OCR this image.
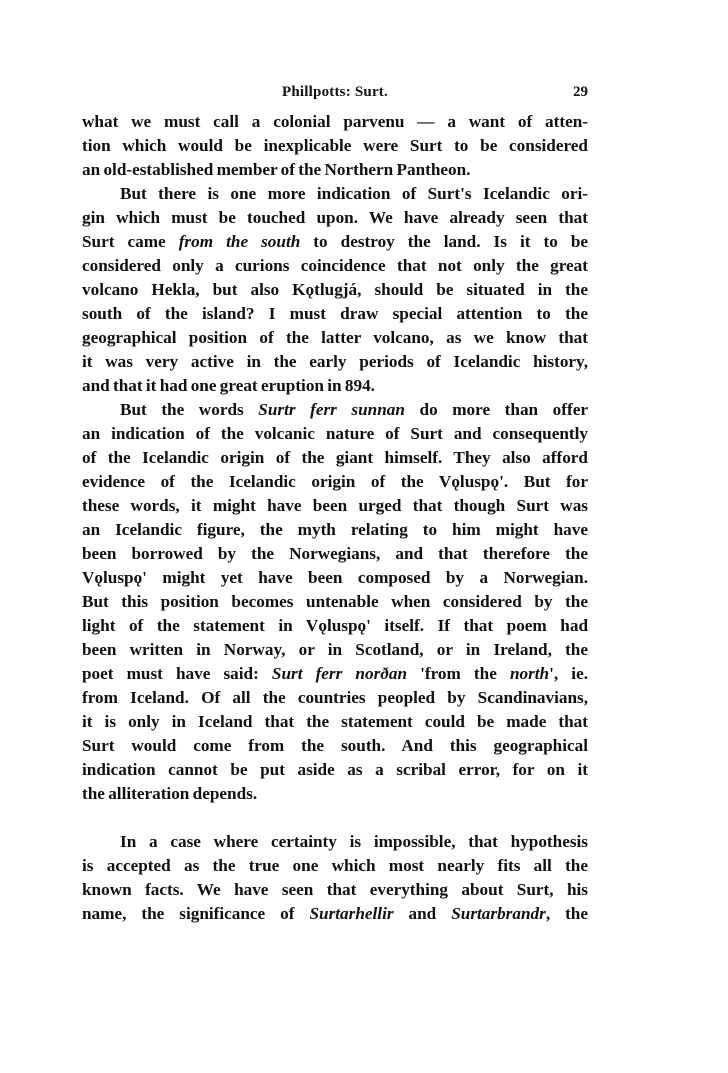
Phillpotts: Surt.	29
what we must call a colonial parvenu — a want of atten-
tion which would be inexplicable were Surt to be considered
an old-established member of the Northern Pantheon.
But there is one more indication of Surt's Icelandic ori-
gin which must be touched upon. We have already seen that
Surt came from the south to destroy the land. Is it to be
considered only a curions coincidence that not only the great
volcano Hekla, but also Kǫtlugjá, should be situated in the
south of the island? I must draw special attention to the
geographical position of the latter volcano, as we know that
it was very active in the early periods of Icelandic history,
and that it had one great eruption in 894.
But the words Surtr ferr sunnan do more than offer
an indication of the volcanic nature of Surt and consequently
of the Icelandic origin of the giant himself. They also afford
evidence of the Icelandic origin of the Vǫluspǫ'. But for
these words, it might have been urged that though Surt was
an Icelandic figure, the myth relating to him might have
been borrowed by the Norwegians, and that therefore the
Vǫluspǫ' might yet have been composed by a Norwegian.
But this position becomes untenable when considered by the
light of the statement in Vǫluspǫ' itself. If that poem had
been written in Norway, or in Scotland, or in Ireland, the
poet must have said: Surt ferr norðan 'from the north', ie.
from Iceland. Of all the countries peopled by Scandinavians,
it is only in Iceland that the statement could be made that
Surt would come from the south. And this geographical
indication cannot be put aside as a scribal error, for on it
the alliteration depends.
In a case where certainty is impossible, that hypothesis
is accepted as the true one which most nearly fits all the
known facts. We have seen that everything about Surt, his
name, the significance of Surtarhellir and Surtarbrandr, the
